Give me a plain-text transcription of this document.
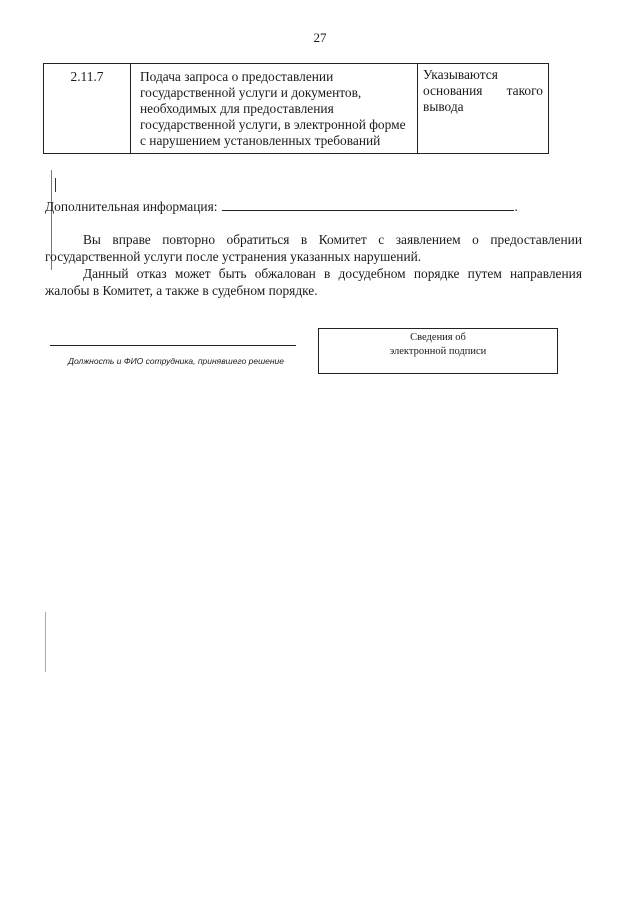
27
2.11.7	Подача запроса о предоставлении государственной услуги и документов, необходимых для предоставления государственной услуги, в электронной форме с нарушением установленных требований	Указываются основания такого вывода
Дополнительная информация:	.
Вы вправе повторно обратиться в Комитет с заявлением о предоставлении государственной услуги после устранения указанных нарушений.
Данный отказ может быть обжалован в досудебном порядке путем направления жалобы в Комитет, а также в судебном порядке.
Должность и ФИО сотрудника, принявшего решение
Сведения об
электронной подписи
